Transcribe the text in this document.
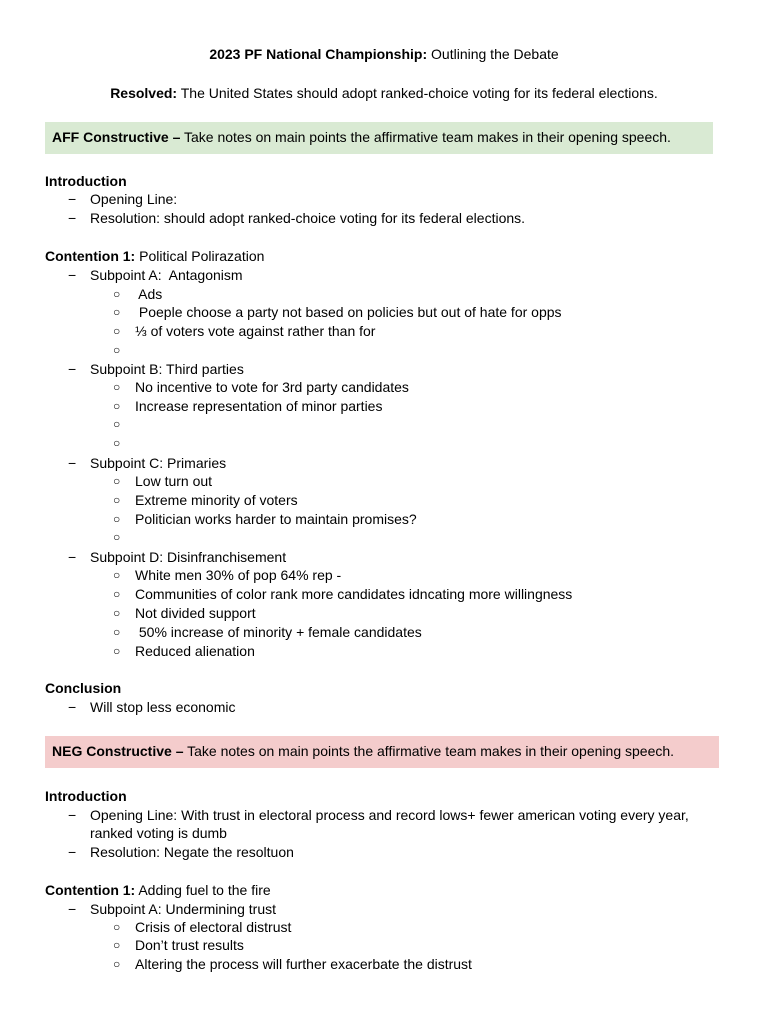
2023 PF National Championship: Outlining the Debate
Resolved: The United States should adopt ranked-choice voting for its federal elections.
AFF Constructive – Take notes on main points the affirmative team makes in their opening speech.
Introduction
− Opening Line:
− Resolution: should adopt ranked-choice voting for its federal elections.
Contention 1: Political Polirazation
− Subpoint A:  Antagonism
○ Ads
○ Poeple choose a party not based on policies but out of hate for opps
○ ⅓ of voters vote against rather than for
○
− Subpoint B: Third parties
○ No incentive to vote for 3rd party candidates
○ Increase representation of minor parties
○
○
− Subpoint C: Primaries
○ Low turn out
○ Extreme minority of voters
○ Politician works harder to maintain promises?
○
− Subpoint D: Disinfranchisement
○ White men 30% of pop 64% rep -
○ Communities of color rank more candidates idncating more willingness
○ Not divided support
○ 50% increase of minority + female candidates
○ Reduced alienation
Conclusion
− Will stop less economic
NEG Constructive – Take notes on main points the affirmative team makes in their opening speech.
Introduction
− Opening Line: With trust in electoral process and record lows+ fewer american voting every year,
ranked voting is dumb
− Resolution: Negate the resoltuon
Contention 1: Adding fuel to the fire
− Subpoint A: Undermining trust
○ Crisis of electoral distrust
○ Don’t trust results
○ Altering the process will further exacerbate the distrust
